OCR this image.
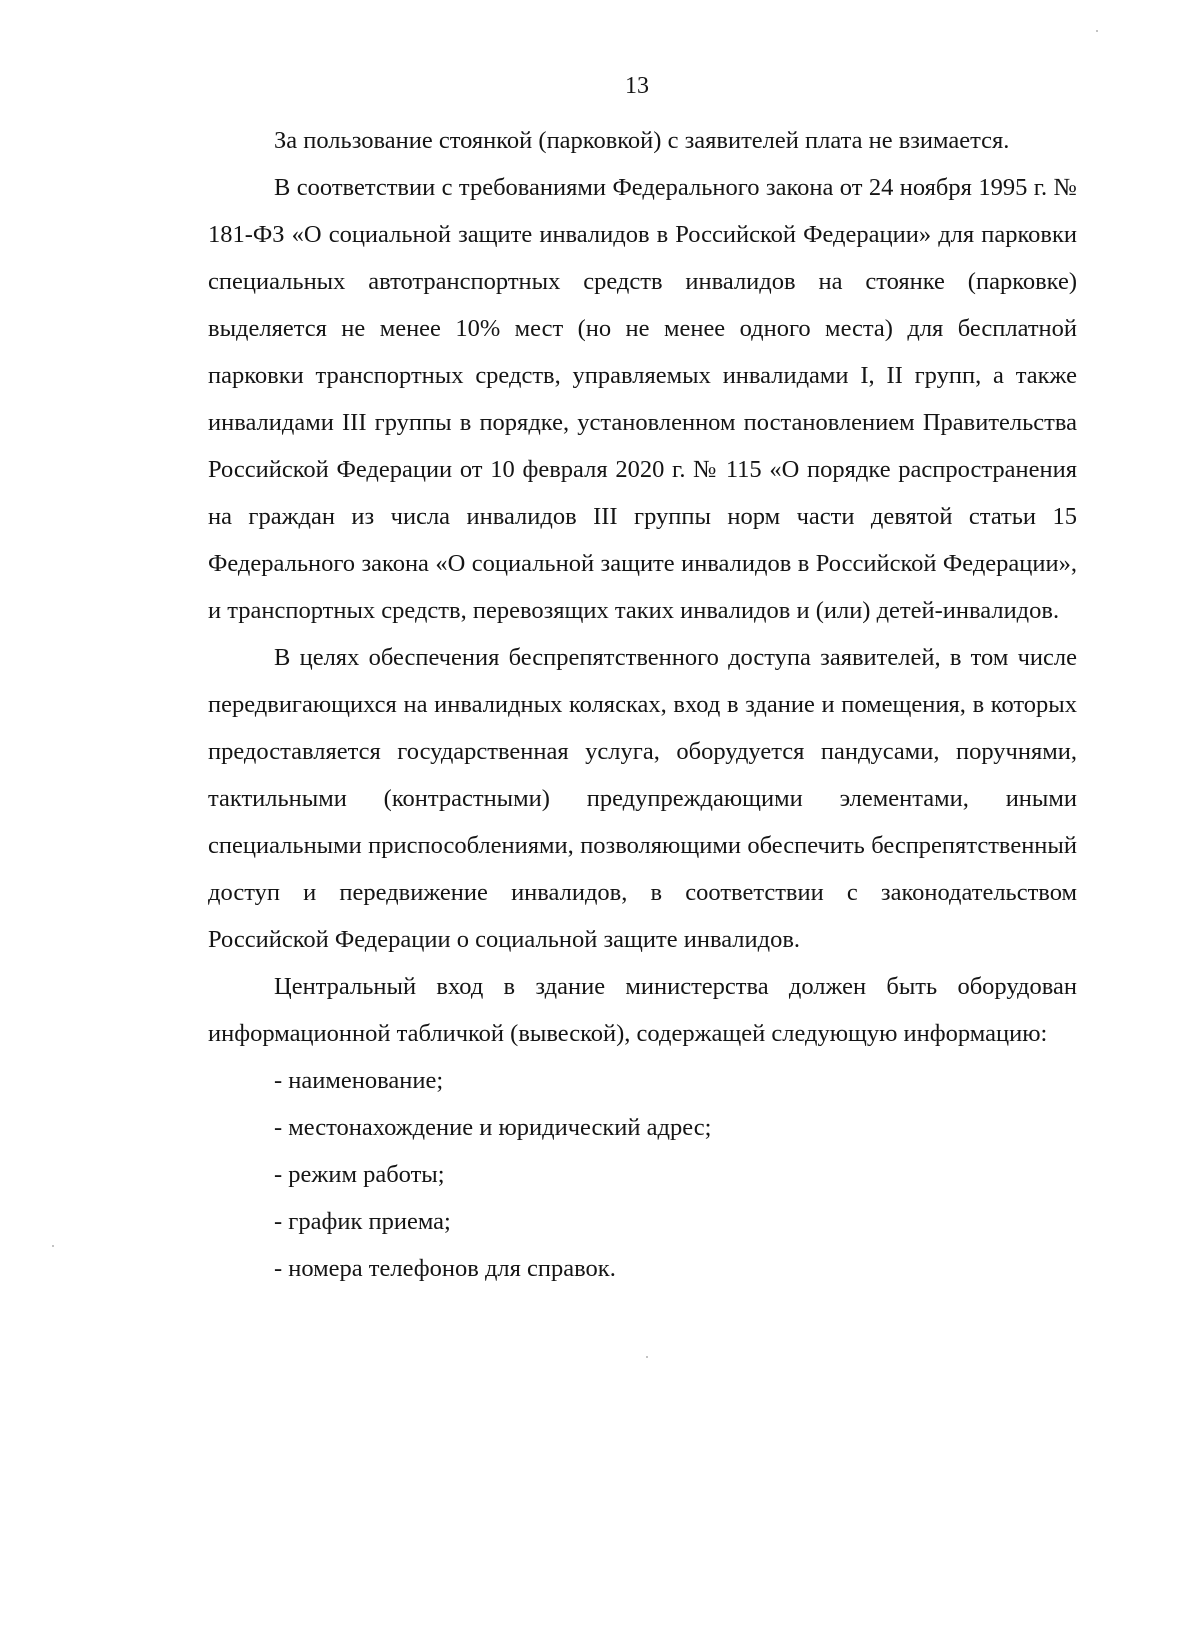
13

За пользование стоянкой (парковкой) с заявителей плата не взимается.

В соответствии с требованиями Федерального закона от 24 ноября 1995 г. № 181-ФЗ «О социальной защите инвалидов в Российской Федерации» для парковки специальных автотранспортных средств инвалидов на стоянке (парковке) выделяется не менее 10% мест (но не менее одного места) для бесплатной парковки транспортных средств, управляемых инвалидами I, II групп, а также инвалидами III группы в порядке, установленном постановлением Правительства Российской Федерации от 10 февраля 2020 г. № 115 «О порядке распространения на граждан из числа инвалидов III группы норм части девятой статьи 15 Федерального закона «О социальной защите инвалидов в Российской Федерации», и транспортных средств, перевозящих таких инвалидов и (или) детей-инвалидов.

В целях обеспечения беспрепятственного доступа заявителей, в том числе передвигающихся на инвалидных колясках, вход в здание и помещения, в которых предоставляется государственная услуга, оборудуется пандусами, поручнями, тактильными (контрастными) предупреждающими элементами, иными специальными приспособлениями, позволяющими обеспечить беспрепятственный доступ и передвижение инвалидов, в соответствии с законодательством Российской Федерации о социальной защите инвалидов.

Центральный вход в здание министерства должен быть оборудован информационной табличкой (вывеской), содержащей следующую информацию:

- наименование;

- местонахождение и юридический адрес;

- режим работы;

- график приема;

- номера телефонов для справок.
